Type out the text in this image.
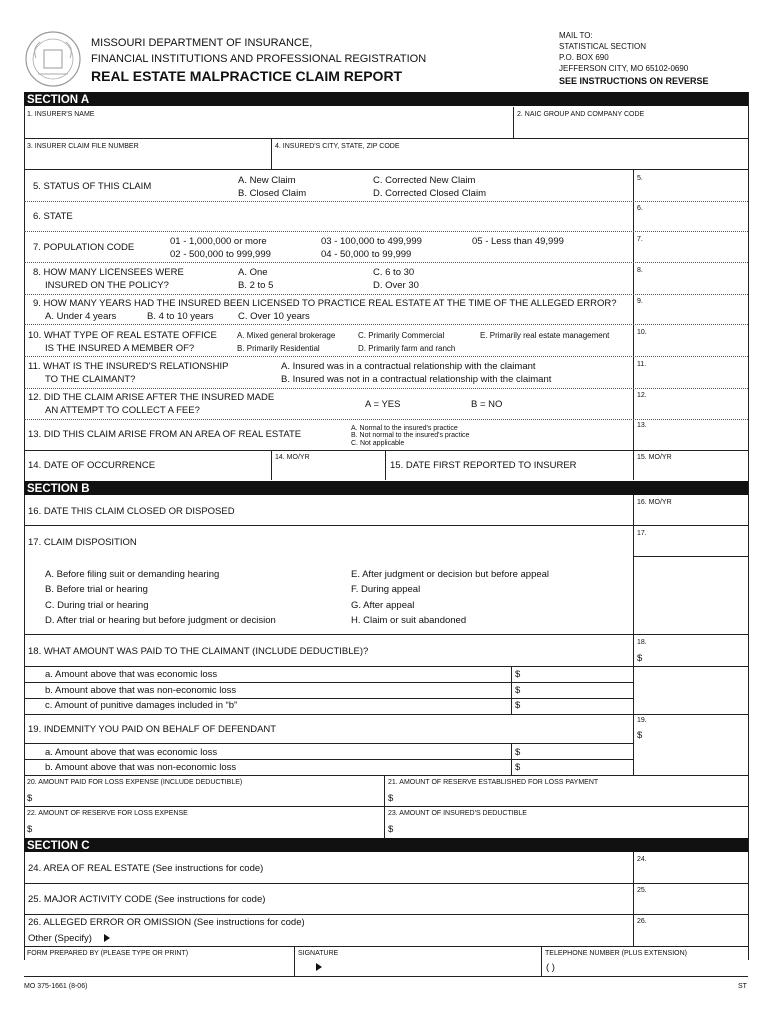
MISSOURI DEPARTMENT OF INSURANCE,
FINANCIAL INSTITUTIONS AND PROFESSIONAL REGISTRATION
REAL ESTATE MALPRACTICE CLAIM REPORT
MAIL TO:
STATISTICAL SECTION
P.O. BOX 690
JEFFERSON CITY, MO 65102-0690
SEE INSTRUCTIONS ON REVERSE
SECTION A
1. INSURER'S NAME	2. NAIC GROUP AND COMPANY CODE
3. INSURER CLAIM FILE NUMBER	4. INSURED'S CITY, STATE, ZIP CODE
5. STATUS OF THIS CLAIM
A. New Claim
B. Closed Claim
C. Corrected New Claim
D. Corrected Closed Claim
5.
6. STATE
6.
7. POPULATION CODE
01 - 1,000,000 or more
02 - 500,000 to 999,999
03 - 100,000 to 499,999
04 - 50,000 to 99,999
05 - Less than 49,999	7.
8. HOW MANY LICENSEES WERE
INSURED ON THE POLICY?
A. One
B. 2 to 5
C. 6 to 30
D. Over 30
8.
9. HOW MANY YEARS HAD THE INSURED BEEN LICENSED TO PRACTICE REAL ESTATE AT THE TIME OF THE ALLEGED ERROR?
A. Under 4 years	B. 4 to 10 years	C. Over 10 years
9.
10. WHAT TYPE OF REAL ESTATE OFFICE
IS THE INSURED A MEMBER OF?
A. Mixed general brokerage
B. Primarily Residential
C. Primarily Commercial
D. Primarily farm and ranch
E. Primarily real estate management	10.
11. WHAT IS THE INSURED'S RELATIONSHIP
TO THE CLAIMANT?
A. Insured was in a contractual relationship with the claimant
B. Insured was not in a contractual relationship with the claimant
11.
12. DID THE CLAIM ARISE AFTER THE INSURED MADE
AN ATTEMPT TO COLLECT A FEE?
A = YES	B = NO
12.
13. DID THIS CLAIM ARISE FROM AN AREA OF REAL ESTATE
A. Normal to the insured's practice
B. Not normal to the insured's practice
C. Not applicable
13.
14. DATE OF OCCURRENCE
14. MO/YR
15. DATE FIRST REPORTED TO INSURER
15. MO/YR
SECTION B
16. DATE THIS CLAIM CLOSED OR DISPOSED
16. MO/YR
17. CLAIM DISPOSITION
17.
A. Before filing suit or demanding hearing
B. Before trial or hearing
C. During trial or hearing
D. After trial or hearing but before judgment or decision
E. After judgment or decision but before appeal
F. During appeal
G. After appeal
H. Claim or suit abandoned
18. WHAT AMOUNT WAS PAID TO THE CLAIMANT (INCLUDE DEDUCTIBLE)?
18.
$
a. Amount above that was economic loss	$
b. Amount above that was non-economic loss	$
c. Amount of punitive damages included in “b”	$
19. INDEMNITY YOU PAID ON BEHALF OF DEFENDANT
19.
$
a. Amount above that was economic loss	$
b. Amount above that was non-economic loss	$
20. AMOUNT PAID FOR LOSS EXPENSE (INCLUDE DEDUCTIBLE)
$
21. AMOUNT OF RESERVE ESTABLISHED FOR LOSS PAYMENT
$
22. AMOUNT OF RESERVE FOR LOSS EXPENSE
$
23. AMOUNT OF INSURED'S DEDUCTIBLE
$
SECTION C
24. AREA OF REAL ESTATE (See instructions for code)
24.
25. MAJOR ACTIVITY CODE (See instructions for code)
25.
26. ALLEGED ERROR OR OMISSION (See instructions for code)
Other (Specify)
26.
FORM PREPARED BY (PLEASE TYPE OR PRINT)	SIGNATURE	TELEPHONE NUMBER (PLUS EXTENSION)
( )
MO 375-1661 (8-06)	ST
